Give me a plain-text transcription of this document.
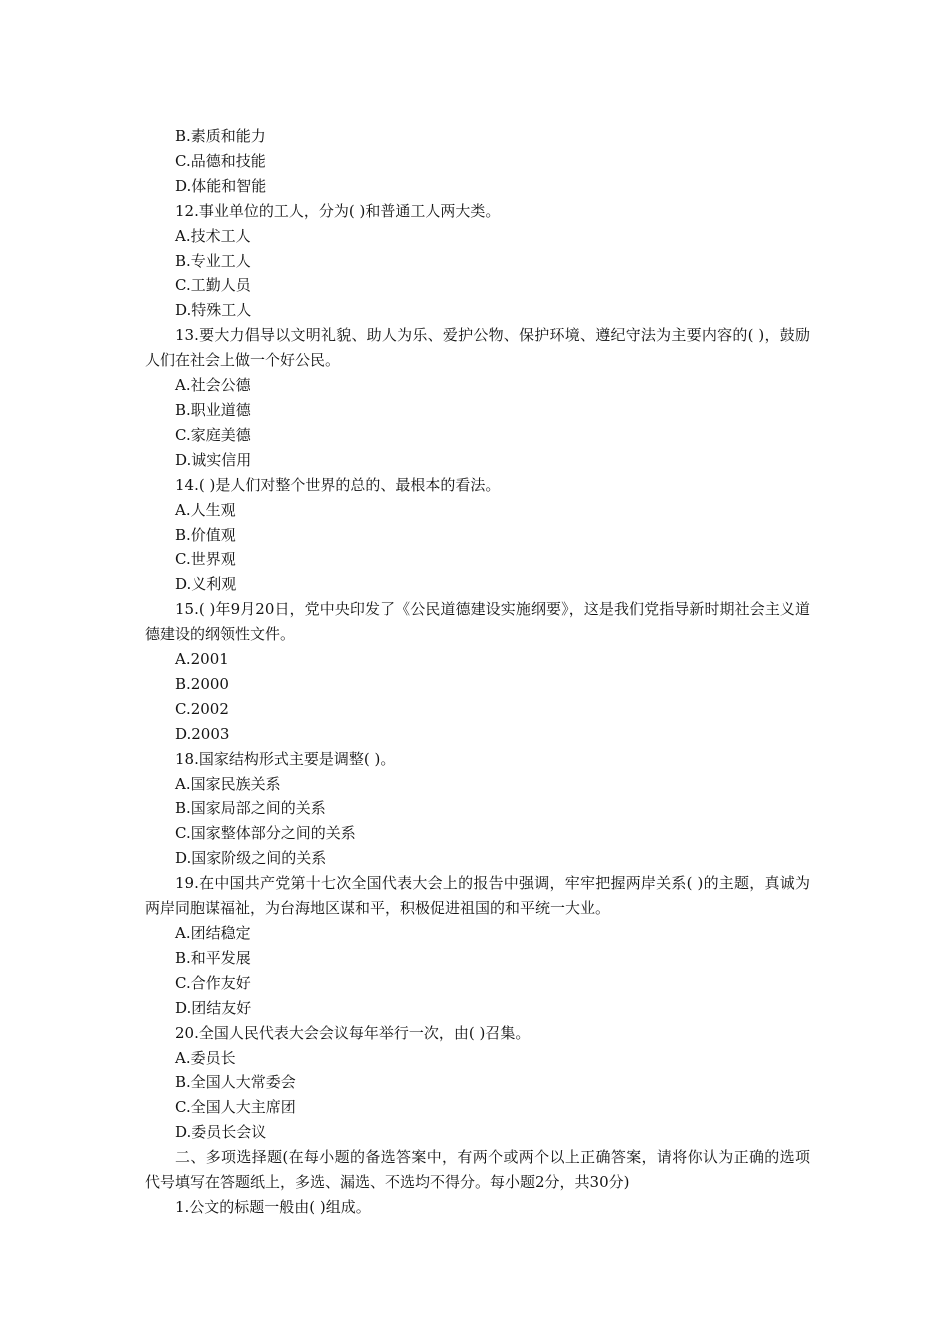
B.素质和能力
C.品德和技能
D.体能和智能
12.事业单位的工人，分为( )和普通工人两大类。
A.技术工人
B.专业工人
C.工勤人员
D.特殊工人
13.要大力倡导以文明礼貌、助人为乐、爱护公物、保护环境、遵纪守法为主要内容的( )，鼓励人们在社会上做一个好公民。
A.社会公德
B.职业道德
C.家庭美德
D.诚实信用
14.( )是人们对整个世界的总的、最根本的看法。
A.人生观
B.价值观
C.世界观
D.义利观
15.( )年9月20日，党中央印发了《公民道德建设实施纲要》，这是我们党指导新时期社会主义道德建设的纲领性文件。
A.2001
B.2000
C.2002
D.2003
18.国家结构形式主要是调整( )。
A.国家民族关系
B.国家局部之间的关系
C.国家整体部分之间的关系
D.国家阶级之间的关系
19.在中国共产党第十七次全国代表大会上的报告中强调，牢牢把握两岸关系( )的主题，真诚为两岸同胞谋福祉，为台海地区谋和平，积极促进祖国的和平统一大业。
A.团结稳定
B.和平发展
C.合作友好
D.团结友好
20.全国人民代表大会会议每年举行一次，由( )召集。
A.委员长
B.全国人大常委会
C.全国人大主席团
D.委员长会议
二、多项选择题(在每小题的备选答案中，有两个或两个以上正确答案，请将你认为正确的选项代号填写在答题纸上，多选、漏选、不选均不得分。每小题2分，共30分)
1.公文的标题一般由( )组成。
